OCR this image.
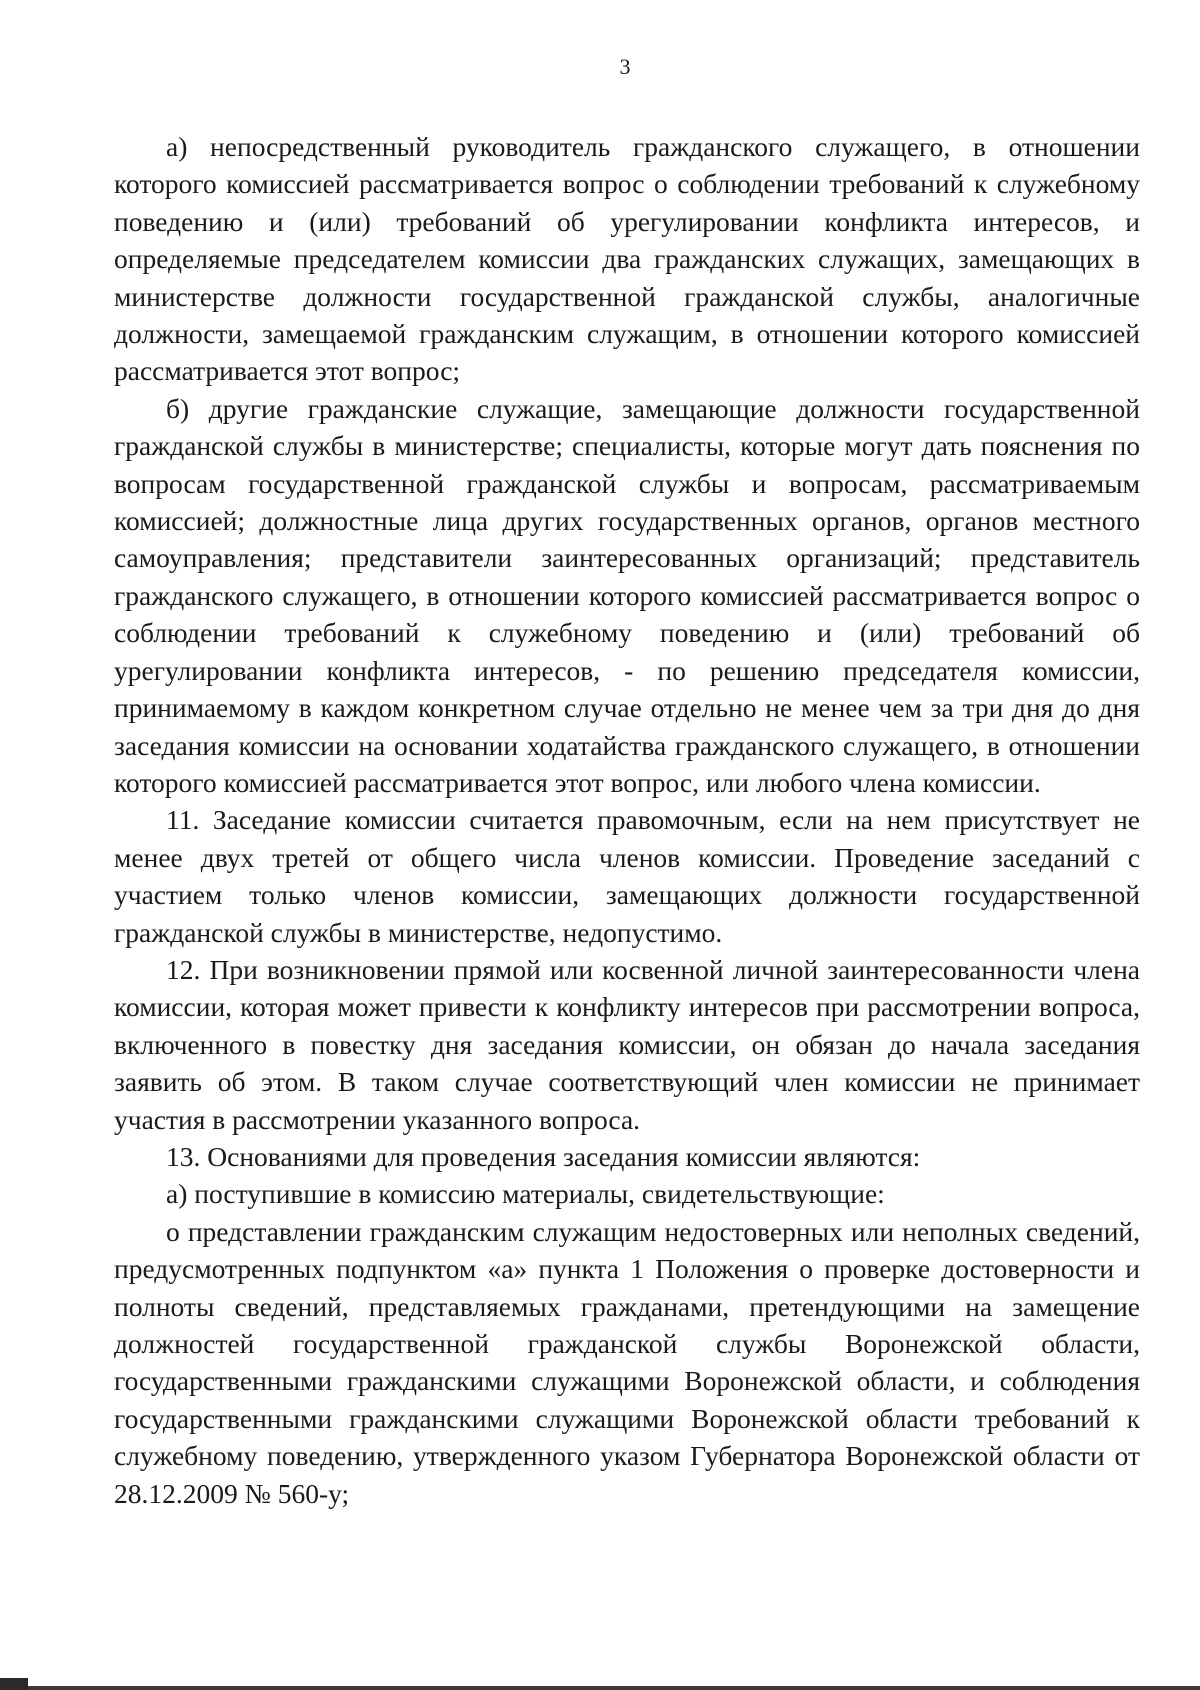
3

а) непосредственный руководитель гражданского служащего, в отношении которого комиссией рассматривается вопрос о соблюдении требований к служебному поведению и (или) требований об урегулировании конфликта интересов, и определяемые председателем комиссии два гражданских служащих, замещающих в министерстве должности государственной гражданской службы, аналогичные должности, замещаемой гражданским служащим, в отношении которого комиссией рассматривается этот вопрос;

б) другие гражданские служащие, замещающие должности государственной гражданской службы в министерстве; специалисты, которые могут дать пояснения по вопросам государственной гражданской службы и вопросам, рассматриваемым комиссией; должностные лица других государственных органов, органов местного самоуправления; представители заинтересованных организаций; представитель гражданского служащего, в отношении которого комиссией рассматривается вопрос о соблюдении требований к служебному поведению и (или) требований об урегулировании конфликта интересов, - по решению председателя комиссии, принимаемому в каждом конкретном случае отдельно не менее чем за три дня до дня заседания комиссии на основании ходатайства гражданского служащего, в отношении которого комиссией рассматривается этот вопрос, или любого члена комиссии.

11. Заседание комиссии считается правомочным, если на нем присутствует не менее двух третей от общего числа членов комиссии. Проведение заседаний с участием только членов комиссии, замещающих должности государственной гражданской службы в министерстве, недопустимо.

12. При возникновении прямой или косвенной личной заинтересованности члена комиссии, которая может привести к конфликту интересов при рассмотрении вопроса, включенного в повестку дня заседания комиссии, он обязан до начала заседания заявить об этом. В таком случае соответствующий член комиссии не принимает участия в рассмотрении указанного вопроса.

13. Основаниями для проведения заседания комиссии являются:

а) поступившие в комиссию материалы, свидетельствующие:

о представлении гражданским служащим недостоверных или неполных сведений, предусмотренных подпунктом «а» пункта 1 Положения о проверке достоверности и полноты сведений, представляемых гражданами, претендующими на замещение должностей государственной гражданской службы Воронежской области, государственными гражданскими служащими Воронежской области, и соблюдения государственными гражданскими служащими Воронежской области требований к служебному поведению, утвержденного указом Губернатора Воронежской области от 28.12.2009 № 560-у;
